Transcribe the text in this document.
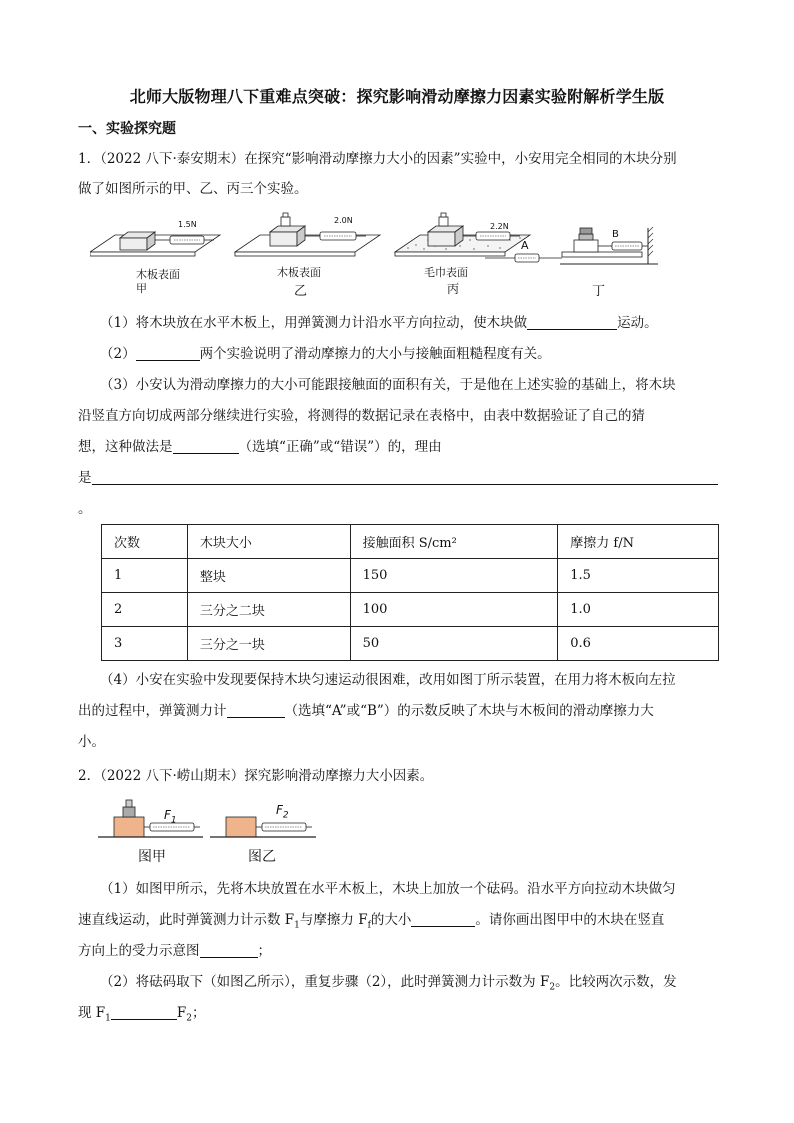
北师大版物理八下重难点突破：探究影响滑动摩擦力因素实验附解析学生版
一、实验探究题
1．（2022 八下·泰安期末）在探究“影响滑动摩擦力大小的因素”实验中，小安用完全相同的木块分别
做了如图所示的甲、乙、丙三个实验。
1.5N	2.0N
2.2N
A
B
木板表面
甲
木板表面
乙
毛巾表面
丙	丁
（1）将木块放在水平木板上，用弹簧测力计沿水平方向拉动，使木块做	运动。
（2）	两个实验说明了滑动摩擦力的大小与接触面粗糙程度有关。
（3）小安认为滑动摩擦力的大小可能跟接触面的面积有关，于是他在上述实验的基础上，将木块
沿竖直方向切成两部分继续进行实验，将测得的数据记录在表格中，由表中数据验证了自己的猜
想，这种做法是	（选填“正确”或“错误”）的，理由
是
。
次数	木块大小	接触面积 S/cm²	摩擦力 f/N
1	整块	150	1.5
2	三分之二块	100	1.0
3	三分之一块	50	0.6
（4）小安在实验中发现要保持木块匀速运动很困难，改用如图丁所示装置，在用力将木板向左拉
出的过程中，弹簧测力计	（选填“A”或“B”）的示数反映了木块与木板间的滑动摩擦力大
小。
2．（2022 八下·崂山期末）探究影响滑动摩擦力大小因素。
$F_1$
$F_2$
图甲	图乙
（1）如图甲所示，先将木块放置在水平木板上，木块上加放一个砝码。沿水平方向拉动木块做匀
速直线运动，此时弹簧测力计示数 $F_1$与摩擦力 $F_f$的大小	。请你画出图甲中的木块在竖直
方向上的受力示意图	；
（2）将砝码取下（如图乙所示），重复步骤（2），此时弹簧测力计示数为 $F_2$。比较两次示数，发
现 $F_1$	$F_2$；
